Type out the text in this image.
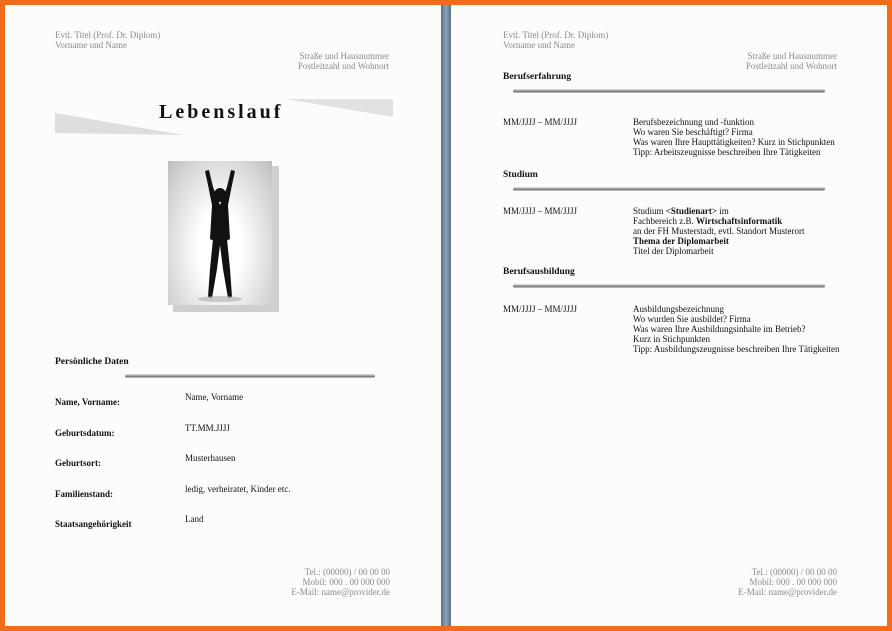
Evtl. Titel (Prof. Dr. Diplom)
Vorname und Name
Straße und Hausnummer
Postleitzahl und Wohnort
Lebenslauf
Persönliche Daten
Name, Vorname:	Name, Vorname
Geburtsdatum:	TT.MM.JJJJ
Geburtsort:	Musterhausen
Familienstand:	ledig, verheiratet, Kinder etc.
Staatsangehörigkeit	Land
Tel.: (00000) / 00 00 00
Mobil: 000 . 00 000 000
E-Mail: name@provider.de
Evtl. Titel (Prof. Dr. Diplom)
Vorname und Name
Straße und Hausnummer
Postleitzahl und Wohnort
Berufserfahrung
MM/JJJJ – MM/JJJJ	Berufsbezeichnung und -funktion
Wo waren Sie beschäftigt? Firma
Was waren Ihre Haupttätigkeiten? Kurz in Stichpunkten
Tipp: Arbeitszeugnisse beschreiben Ihre Tätigkeiten
Studium
MM/JJJJ – MM/JJJJ	Studium <Studienart> im
Fachbereich z.B. Wirtschaftsinformatik
an der FH Musterstadt, evtl. Standort Musterort
Thema der Diplomarbeit
Titel der Diplomarbeit
Berufsausbildung
MM/JJJJ – MM/JJJJ	Ausbildungsbezeichnung
Wo wurden Sie ausbildet? Firma
Was waren Ihre Ausbildungsinhalte im Betrieb?
Kurz in Stichpunkten
Tipp: Ausbildungszeugnisse beschreiben Ihre Tätigkeiten
Tel.: (00000) / 00 00 00
Mobil: 000 . 00 000 000
E-Mail: name@provider.de
